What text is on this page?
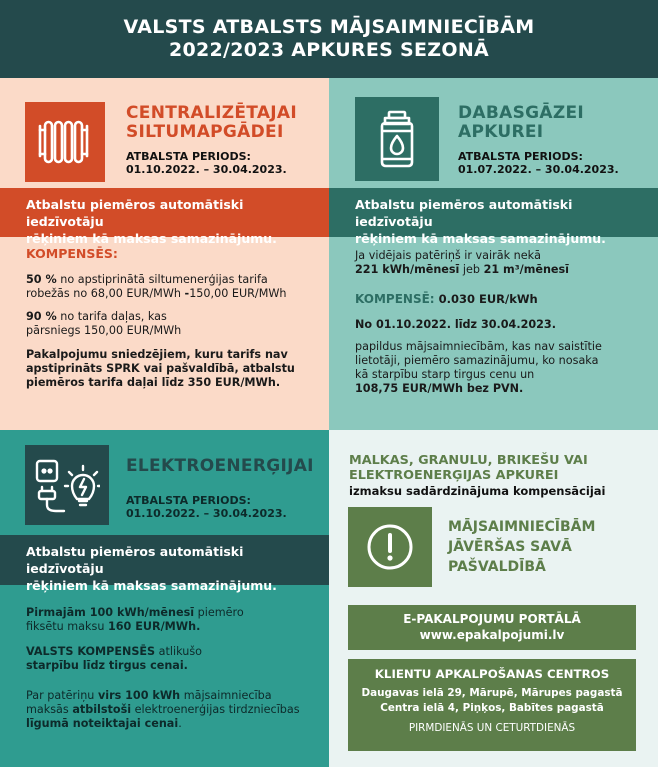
VALSTS ATBALSTS MĀJSAIMNIECĪBĀM
2022/2023 APKURES SEZONĀ
CENTRALIZĒTAJAI
SILTUMAPGĀDEI
ATBALSTA PERIODS:
01.10.2022. – 30.04.2023.
Atbalstu piemēros automātiski iedzīvotāju
rēķiniem kā maksas samazinājumu.
KOMPENSĒS:
50 % no apstiprinātā siltumenerģijas tarifa
robežās no 68,00 EUR/MWh -150,00 EUR/MWh
90 % no tarifa daļas, kas
pārsniegs 150,00 EUR/MWh
Pakalpojumu sniedzējiem, kuru tarifs nav
apstiprināts SPRK vai pašvaldībā, atbalstu
piemēros tarifa daļai līdz 350 EUR/MWh.
DABASGĀZEI
APKUREI
ATBALSTA PERIODS:
01.07.2022. – 30.04.2023.
Atbalstu piemēros automātiski iedzīvotāju
rēķiniem kā maksas samazinājumu.
Ja vidējais patēriņš ir vairāk nekā
221 kWh/mēnesī jeb 21 m³/mēnesī
KOMPENSĒ: 0.030 EUR/kWh
No 01.10.2022. līdz 30.04.2023.
papildus mājsaimniecībām, kas nav saistītie
lietotāji, piemēro samazinājumu, ko nosaka
kā starpību starp tirgus cenu un
108,75 EUR/MWh bez PVN.
ELEKTROENERĢIJAI
ATBALSTA PERIODS:
01.10.2022. – 30.04.2023.
Atbalstu piemēros automātiski iedzīvotāju
rēķiniem kā maksas samazinājumu.
Pirmajām 100 kWh/mēnesī piemēro
fiksētu maksu 160 EUR/MWh.
VALSTS KOMPENSĒS atlikušo
starpību līdz tirgus cenai.
Par patēriņu virs 100 kWh mājsaimniecība
maksās atbilstoši elektroenerģijas tirdzniecības
līgumā noteiktajai cenai.
MALKAS, GRANULU, BRIKEŠU VAI
ELEKTROENERĢIJAS APKUREI
izmaksu sadārdzinājuma kompensācijai
MĀJSAIMNIECĪBĀM
JĀVĒRŠAS SAVĀ
PAŠVALDĪBĀ
E-PAKALPOJUMU PORTĀLĀ
www.epakalpojumi.lv
KLIENTU APKALPOŠANAS CENTROS
Daugavas ielā 29, Mārupē, Mārupes pagastā
Centra ielā 4, Piņķos, Babītes pagastā
PIRMDIENĀS UN CETURTDIENĀS
